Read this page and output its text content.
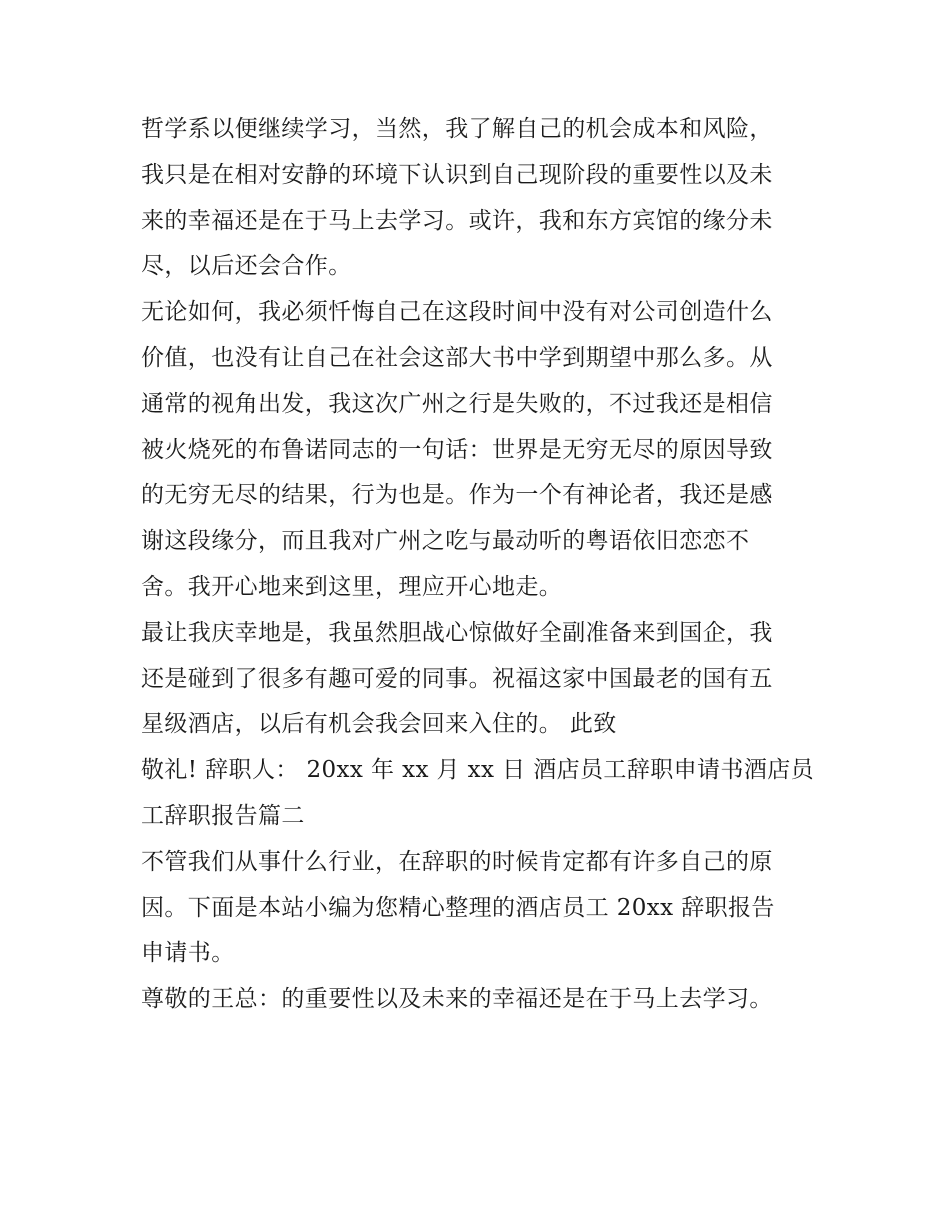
哲学系以便继续学习，当然，我了解自己的机会成本和风险，
我只是在相对安静的环境下认识到自己现阶段的重要性以及未
来的幸福还是在于马上去学习。或许，我和东方宾馆的缘分未
尽，以后还会合作。
无论如何，我必须忏悔自己在这段时间中没有对公司创造什么
价值，也没有让自己在社会这部大书中学到期望中那么多。从
通常的视角出发，我这次广州之行是失败的，不过我还是相信
被火烧死的布鲁诺同志的一句话：世界是无穷无尽的原因导致
的无穷无尽的结果，行为也是。作为一个有神论者，我还是感
谢这段缘分，而且我对广州之吃与最动听的粤语依旧恋恋不
舍。我开心地来到这里，理应开心地走。
最让我庆幸地是，我虽然胆战心惊做好全副准备来到国企，我
还是碰到了很多有趣可爱的同事。祝福这家中国最老的国有五
星级酒店，以后有机会我会回来入住的。 此致
敬礼! 辞职人： 20xx 年 xx 月 xx 日 酒店员工辞职申请书酒店员
工辞职报告篇二
不管我们从事什么行业，在辞职的时候肯定都有许多自己的原
因。下面是本站小编为您精心整理的酒店员工 20xx 辞职报告
申请书。
尊敬的王总：的重要性以及未来的幸福还是在于马上去学习。
